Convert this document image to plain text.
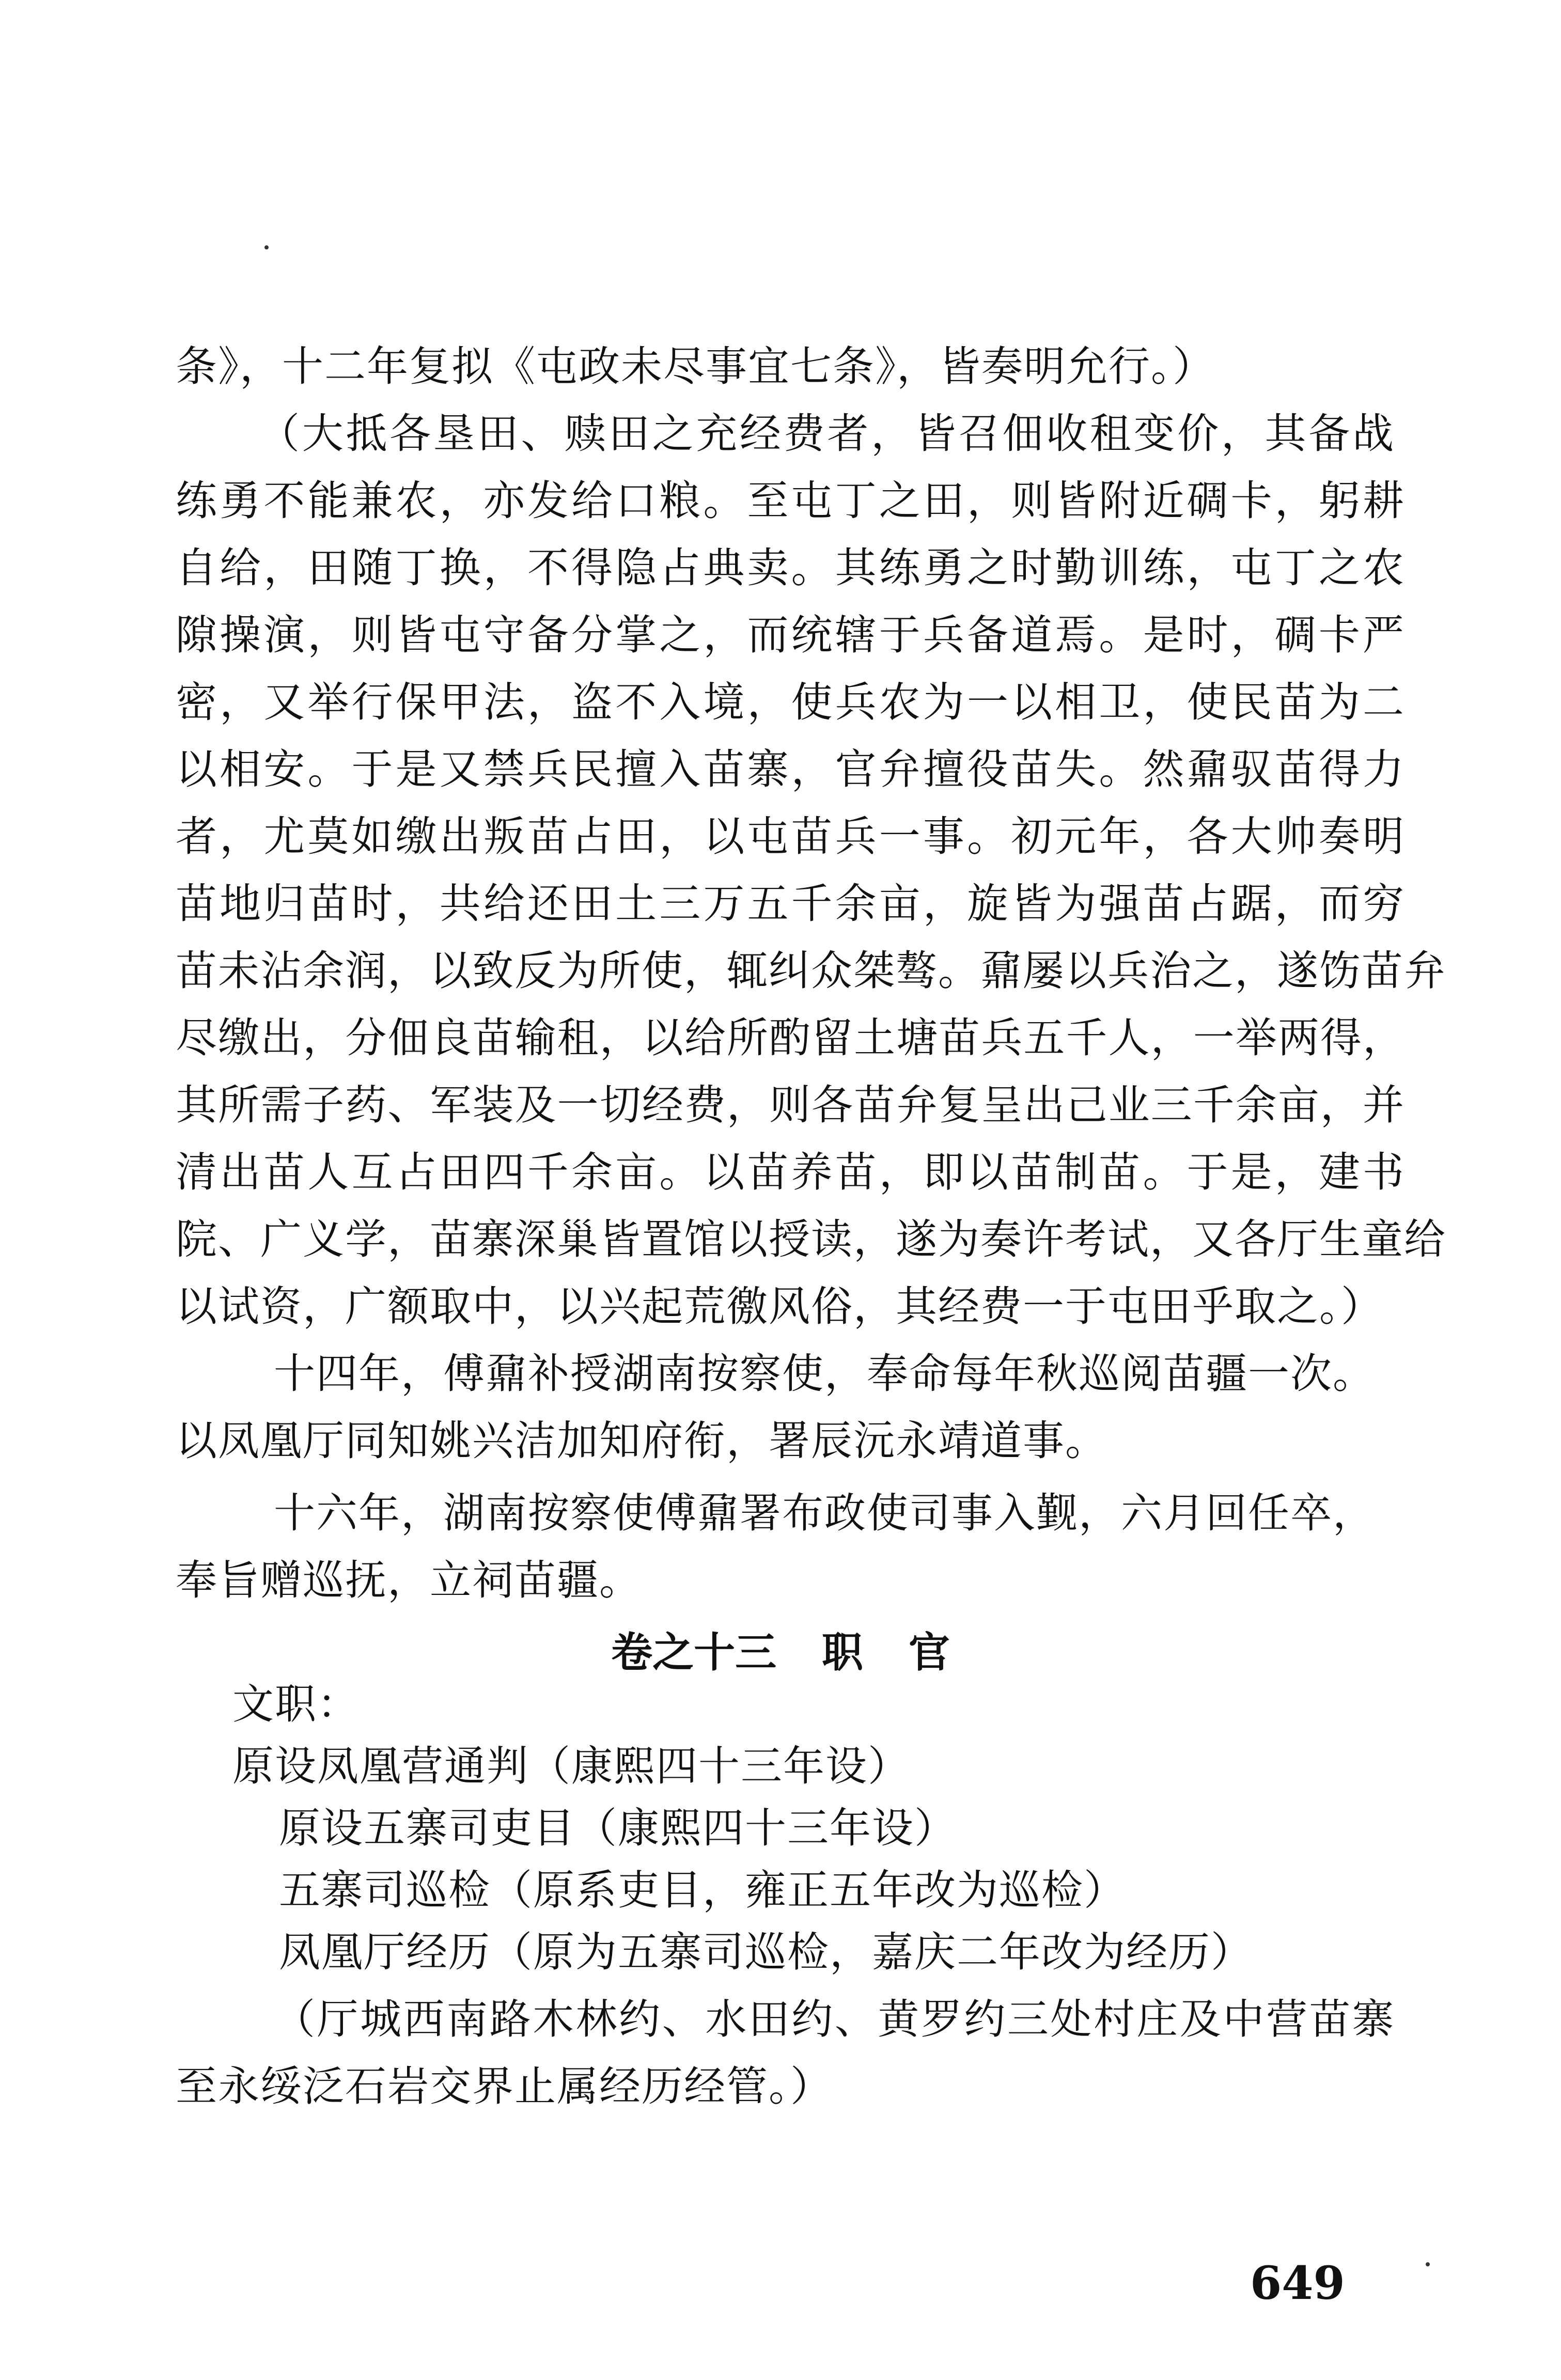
条》，十二年复拟《屯政未尽事宜七条》，皆奏明允行。）
（大抵各垦田、赎田之充经费者，皆召佃收租变价，其备战
练勇不能兼农，亦发给口粮。至屯丁之田，则皆附近碉卡，躬耕
自给，田随丁换，不得隐占典卖。其练勇之时勤训练，屯丁之农
隙操演，则皆屯守备分掌之，而统辖于兵备道焉。是时，碉卡严
密，又举行保甲法，盗不入境，使兵农为一以相卫，使民苗为二
以相安。于是又禁兵民擅入苗寨，官弁擅役苗失。然鼐驭苗得力
者，尤莫如缴出叛苗占田，以屯苗兵一事。初元年，各大帅奏明
苗地归苗时，共给还田土三万五千余亩，旋皆为强苗占踞，而穷
苗未沾余润，以致反为所使，辄纠众桀骜。鼐屡以兵治之，遂饬苗弁
尽缴出，分佃良苗输租，以给所酌留土塘苗兵五千人，一举两得，
其所需子药、军装及一切经费，则各苗弁复呈出己业三千余亩，并
清出苗人互占田四千余亩。以苗养苗，即以苗制苗。于是，建书
院、广义学，苗寨深巢皆置馆以授读，遂为奏许考试，又各厅生童给
以试资，广额取中，以兴起荒徼风俗，其经费一于屯田乎取之。）
十四年，傅鼐补授湖南按察使，奉命每年秋巡阅苗疆一次。
以凤凰厅同知姚兴洁加知府衔，署辰沅永靖道事。
十六年，湖南按察使傅鼐署布政使司事入觐，六月回任卒，
奉旨赠巡抚，立祠苗疆。
卷之十三 职 官
文职：
原设凤凰营通判（康熙四十三年设）
原设五寨司吏目（康熙四十三年设）
五寨司巡检（原系吏目，雍正五年改为巡检）
凤凰厅经历（原为五寨司巡检，嘉庆二年改为经历）
（厅城西南路木林约、水田约、黄罗约三处村庄及中营苗寨
至永绥泛石岩交界止属经历经管。）
649
